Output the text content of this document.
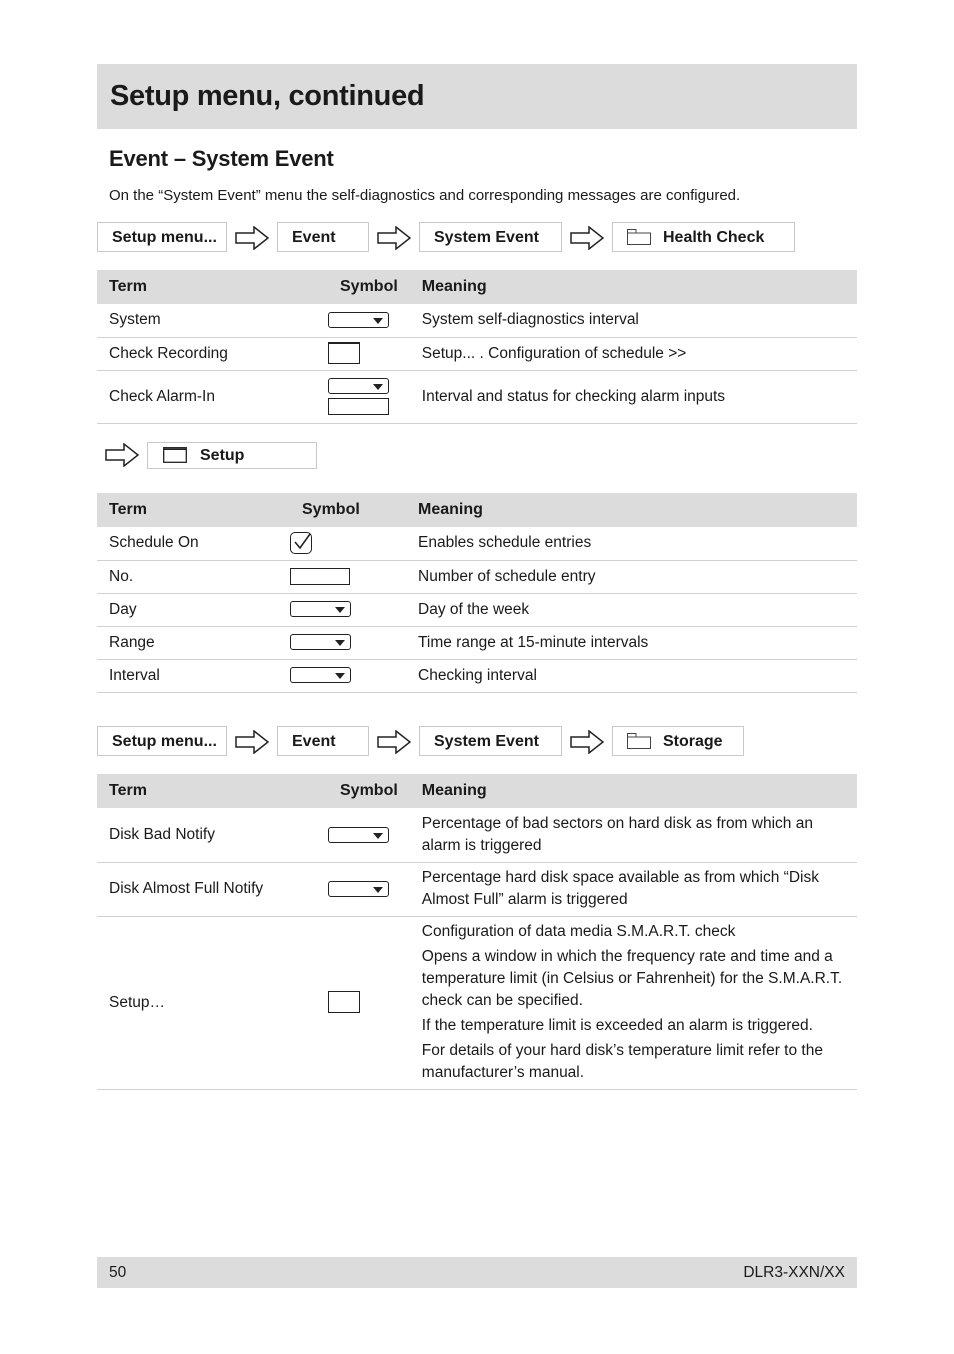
Setup menu, continued
Event – System Event
On the “System Event” menu the self-diagnostics and corresponding messages are configured.
Setup menu...	Event	System Event	Health Check
Term	Symbol	Meaning
System		System self-diagnostics interval
Check Recording		Setup... . Configuration of schedule >>
Check Alarm-In		Interval and status for checking alarm inputs
Setup
Term	Symbol	Meaning
Schedule On		Enables schedule entries
No.		Number of schedule entry
Day		Day of the week
Range		Time range at 15-minute intervals
Interval		Checking interval
Setup menu...	Event	System Event	Storage
Term	Symbol	Meaning
Disk Bad Notify		Percentage of bad sectors on hard disk as from which an alarm is triggered
Disk Almost Full Notify		Percentage hard disk space available as from which “Disk Almost Full” alarm is triggered
Setup…		Configuration of data media S.M.A.R.T. check

Opens a window in which the frequency rate and time and a temperature limit (in Celsius or Fahrenheit) for the S.M.A.R.T. check can be specified.

If the temperature limit is exceeded an alarm is triggered.

For details of your hard disk’s temperature limit refer to the manufacturer’s manual.

50	DLR3-XXN/XX
